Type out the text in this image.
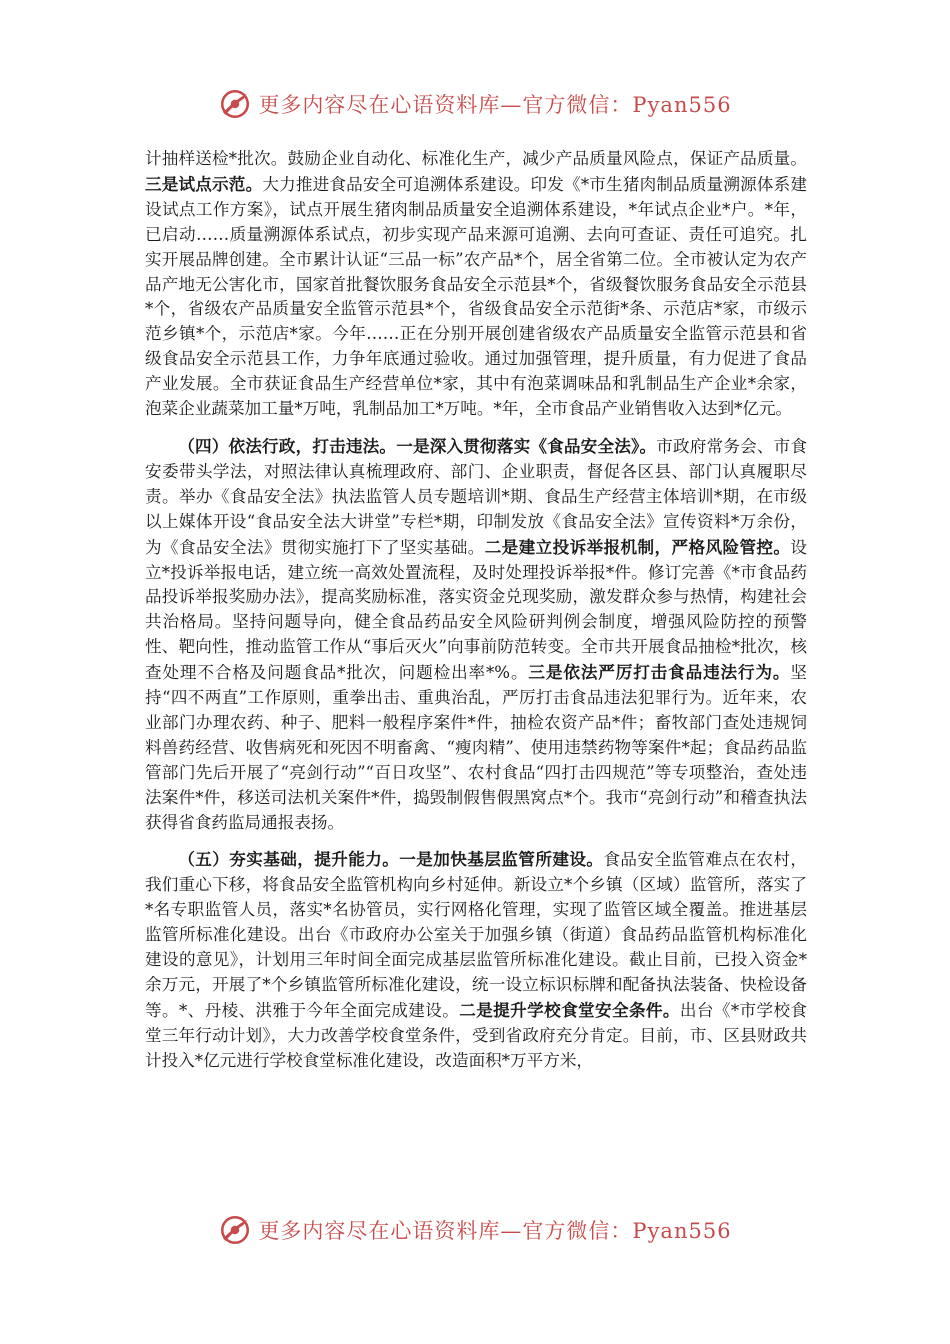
更多内容尽在心语资料库—官方微信：Pyan556

计抽样送检*批次。鼓励企业自动化、标准化生产，减少产品质量风险点，保证产品质量。三是试点示范。大力推进食品安全可追溯体系建设。印发《*市生猪肉制品质量溯源体系建设试点工作方案》，试点开展生猪肉制品质量安全追溯体系建设，*年试点企业*户。*年，已启动……质量溯源体系试点，初步实现产品来源可追溯、去向可查证、责任可追究。扎实开展品牌创建。全市累计认证“三品一标”农产品*个，居全省第二位。全市被认定为农产品产地无公害化市，国家首批餐饮服务食品安全示范县*个，省级餐饮服务食品安全示范县*个，省级农产品质量安全监管示范县*个，省级食品安全示范街*条、示范店*家，市级示范乡镇*个，示范店*家。今年……正在分别开展创建省级农产品质量安全监管示范县和省级食品安全示范县工作，力争年底通过验收。通过加强管理，提升质量，有力促进了食品产业发展。全市获证食品生产经营单位*家，其中有泡菜调味品和乳制品生产企业*余家，泡菜企业蔬菜加工量*万吨，乳制品加工*万吨。*年，全市食品产业销售收入达到*亿元。

（四）依法行政，打击违法。一是深入贯彻落实《食品安全法》。市政府常务会、市食安委带头学法，对照法律认真梳理政府、部门、企业职责，督促各区县、部门认真履职尽责。举办《食品安全法》执法监管人员专题培训*期、食品生产经营主体培训*期，在市级以上媒体开设“食品安全法大讲堂”专栏*期，印制发放《食品安全法》宣传资料*万余份，为《食品安全法》贯彻实施打下了坚实基础。二是建立投诉举报机制，严格风险管控。设立*投诉举报电话，建立统一高效处置流程，及时处理投诉举报*件。修订完善《*市食品药品投诉举报奖励办法》，提高奖励标准，落实资金兑现奖励，激发群众参与热情，构建社会共治格局。坚持问题导向，健全食品药品安全风险研判例会制度，增强风险防控的预警性、靶向性，推动监管工作从“事后灭火”向事前防范转变。全市共开展食品抽检*批次，核查处理不合格及问题食品*批次，问题检出率*%。三是依法严厉打击食品违法行为。坚持“四不两直”工作原则，重拳出击、重典治乱，严厉打击食品违法犯罪行为。近年来，农业部门办理农药、种子、肥料一般程序案件*件，抽检农资产品*件；畜牧部门查处违规饲料兽药经营、收售病死和死因不明畜禽、“瘦肉精”、使用违禁药物等案件*起；食品药品监管部门先后开展了“亮剑行动”“百日攻坚”、农村食品“四打击四规范”等专项整治，查处违法案件*件，移送司法机关案件*件，捣毁制假售假黑窝点*个。我市“亮剑行动”和稽查执法获得省食药监局通报表扬。

（五）夯实基础，提升能力。一是加快基层监管所建设。食品安全监管难点在农村，我们重心下移，将食品安全监管机构向乡村延伸。新设立*个乡镇（区域）监管所，落实了*名专职监管人员，落实*名协管员，实行网格化管理，实现了监管区域全覆盖。推进基层监管所标准化建设。出台《市政府办公室关于加强乡镇（街道）食品药品监管机构标准化建设的意见》，计划用三年时间全面完成基层监管所标准化建设。截止目前，已投入资金*余万元，开展了*个乡镇监管所标准化建设，统一设立标识标牌和配备执法装备、快检设备等。*、丹棱、洪雅于今年全面完成建设。二是提升学校食堂安全条件。出台《*市学校食堂三年行动计划》，大力改善学校食堂条件，受到省政府充分肯定。目前，市、区县财政共计投入*亿元进行学校食堂标准化建设，改造面积*万平方米，

更多内容尽在心语资料库—官方微信：Pyan556
